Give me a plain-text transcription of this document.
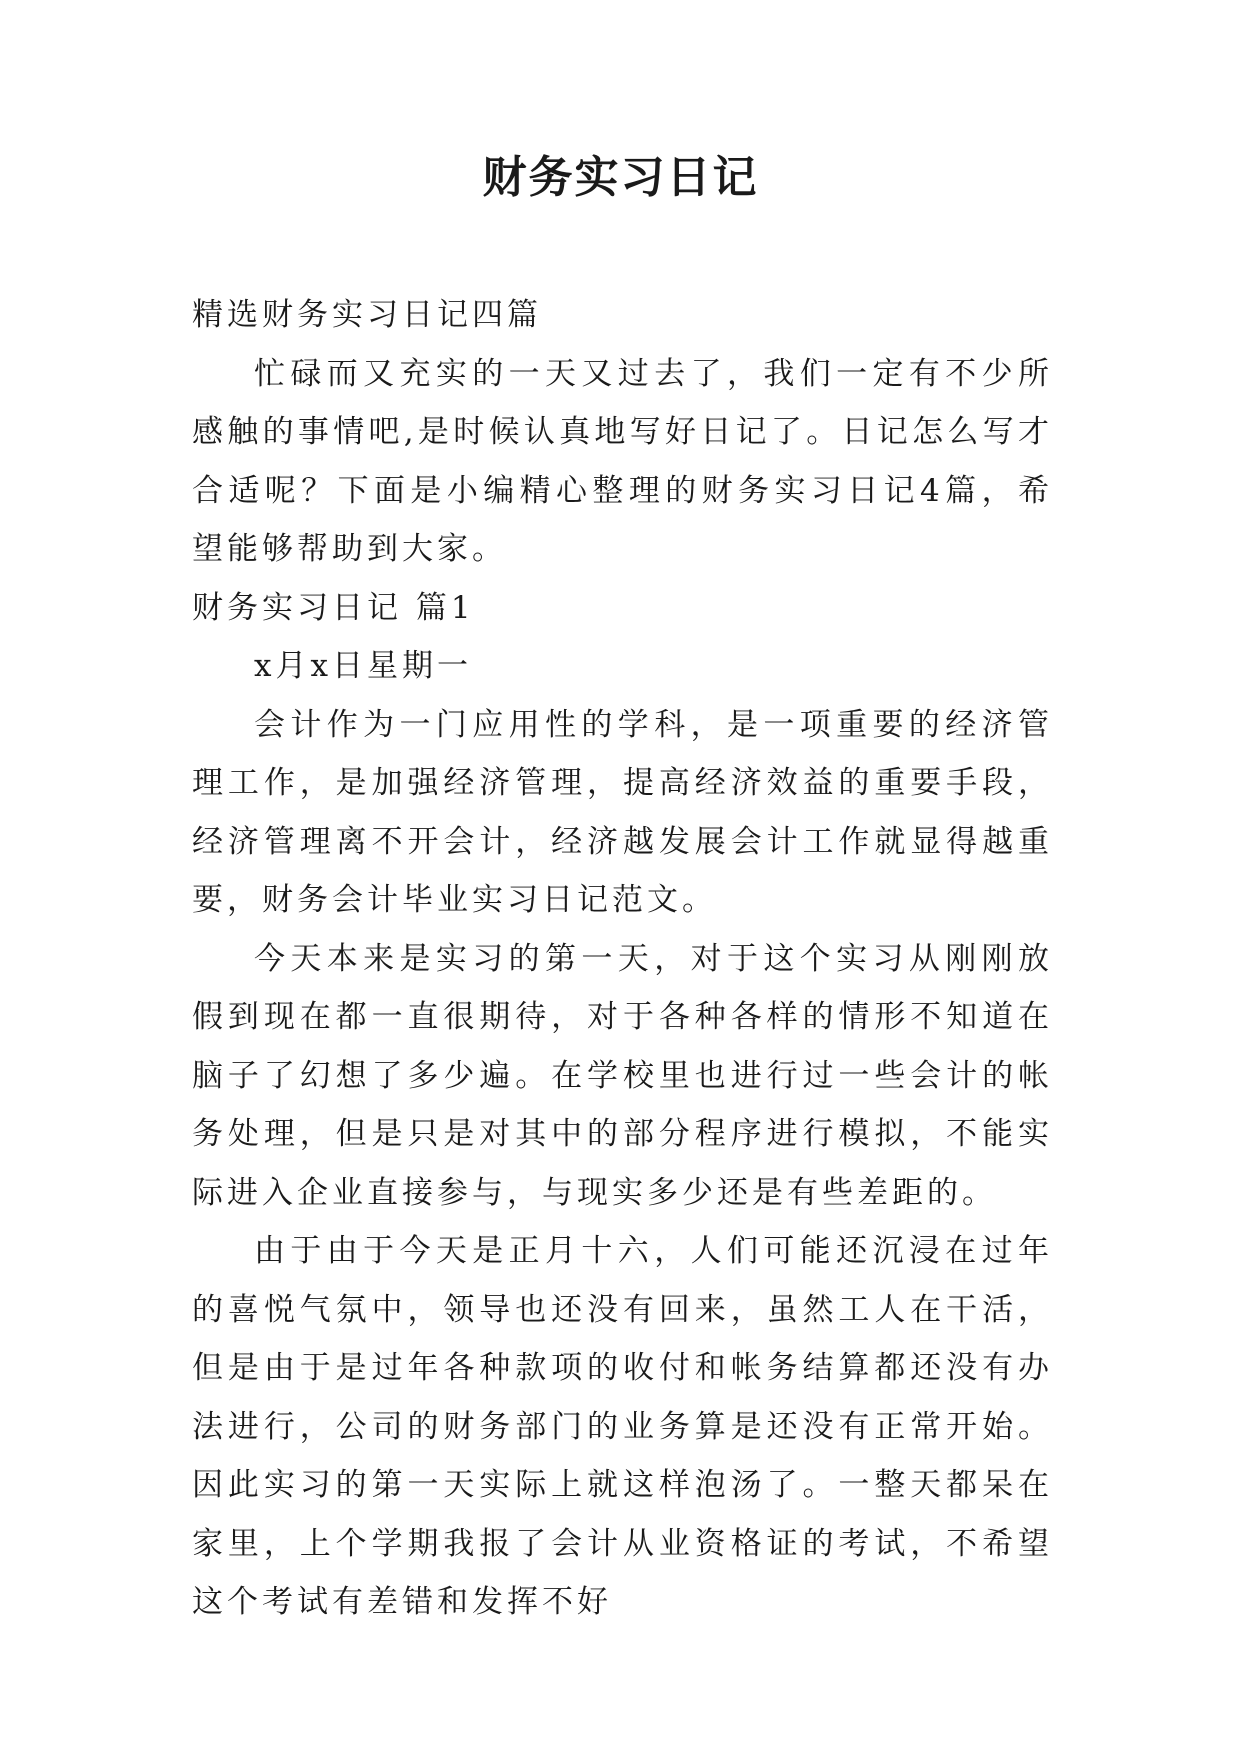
财务实习日记

精选财务实习日记四篇

忙碌而又充实的一天又过去了，我们一定有不少所感触的事情吧,是时候认真地写好日记了。日记怎么写才合适呢？下面是小编精心整理的财务实习日记4篇，希望能够帮助到大家。

财务实习日记 篇1

x月x日星期一

会计作为一门应用性的学科，是一项重要的经济管理工作，是加强经济管理，提高经济效益的重要手段，经济管理离不开会计，经济越发展会计工作就显得越重要，财务会计毕业实习日记范文。

今天本来是实习的第一天，对于这个实习从刚刚放假到现在都一直很期待，对于各种各样的情形不知道在脑子了幻想了多少遍。在学校里也进行过一些会计的帐务处理，但是只是对其中的部分程序进行模拟，不能实际进入企业直接参与，与现实多少还是有些差距的。

由于由于今天是正月十六，人们可能还沉浸在过年的喜悦气氛中，领导也还没有回来，虽然工人在干活，但是由于是过年各种款项的收付和帐务结算都还没有办法进行，公司的财务部门的业务算是还没有正常开始。因此实习的第一天实际上就这样泡汤了。一整天都呆在家里，上个学期我报了会计从业资格证的考试，不希望这个考试有差错和发挥不好
